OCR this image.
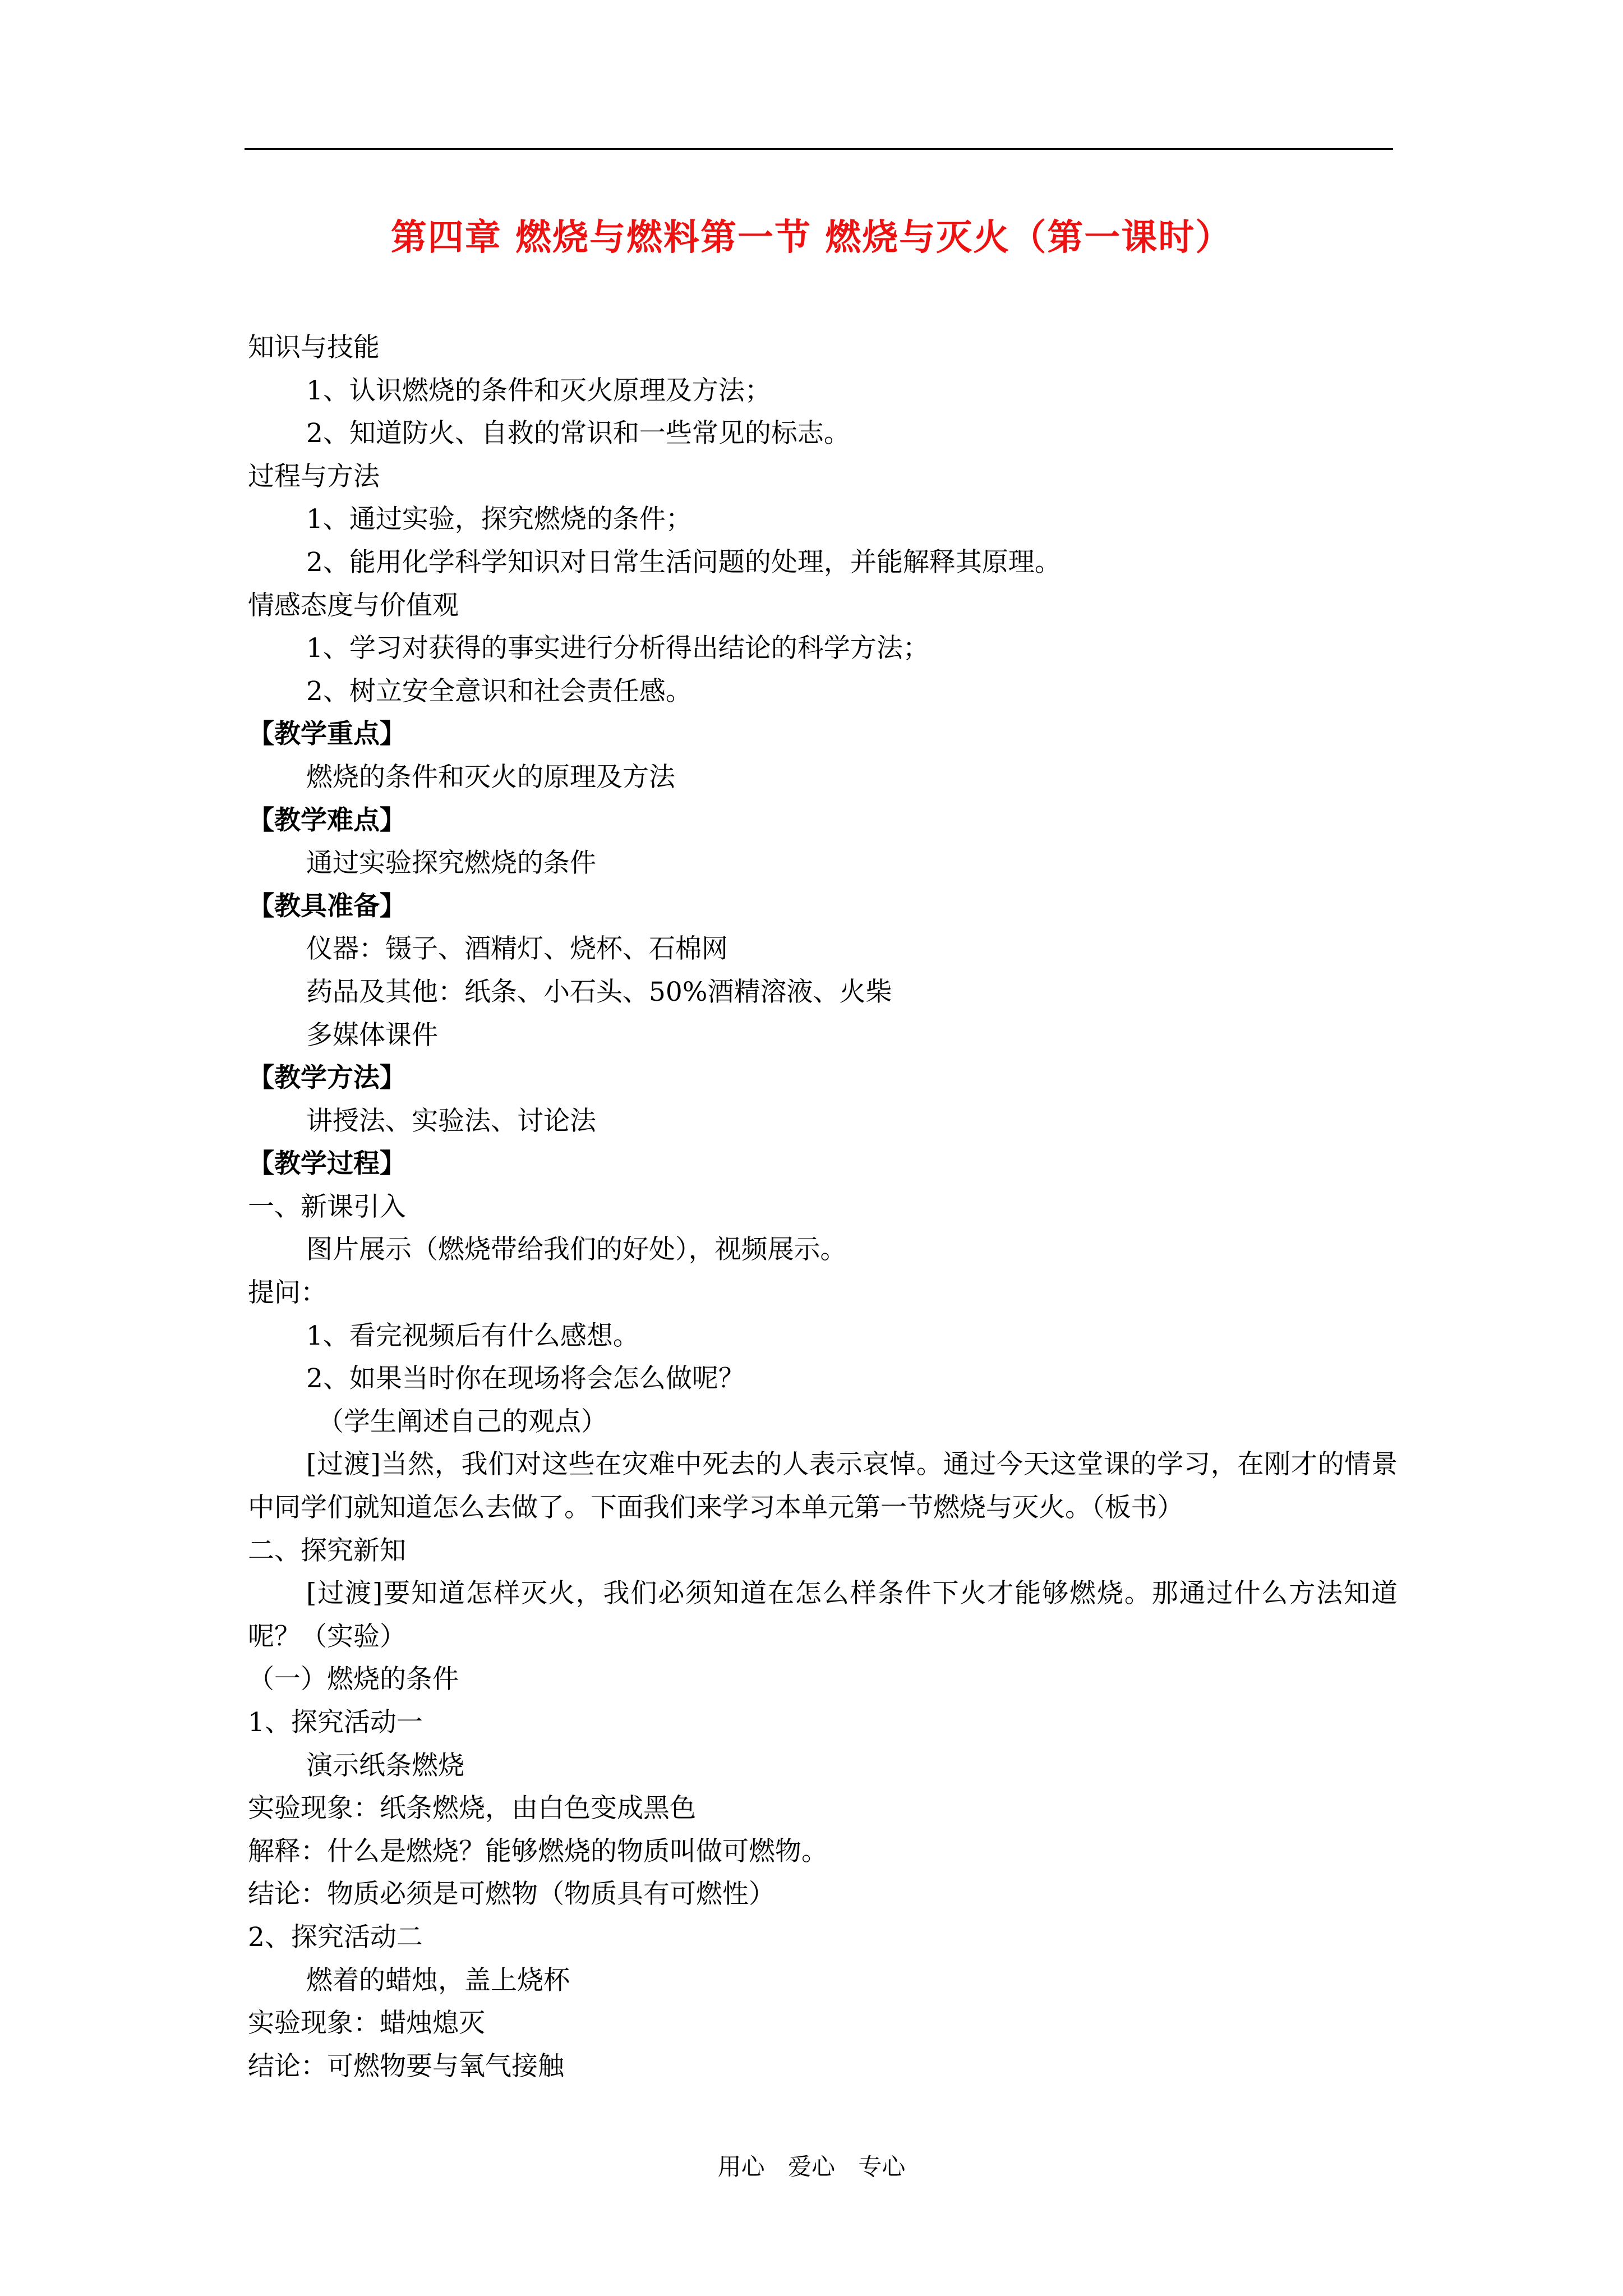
第四章 燃烧与燃料第一节 燃烧与灭火（第一课时）
知识与技能
1、认识燃烧的条件和灭火原理及方法；
2、知道防火、自救的常识和一些常见的标志。
过程与方法
1、通过实验，探究燃烧的条件；
2、能用化学科学知识对日常生活问题的处理，并能解释其原理。
情感态度与价值观
1、学习对获得的事实进行分析得出结论的科学方法；
2、树立安全意识和社会责任感。
【教学重点】
燃烧的条件和灭火的原理及方法
【教学难点】
通过实验探究燃烧的条件
【教具准备】
仪器：镊子、酒精灯、烧杯、石棉网
药品及其他：纸条、小石头、50%酒精溶液、火柴
多媒体课件
【教学方法】
讲授法、实验法、讨论法
【教学过程】
一、新课引入
图片展示（燃烧带给我们的好处），视频展示。
提问：
1、看完视频后有什么感想。
2、如果当时你在现场将会怎么做呢？
（学生阐述自己的观点）
[过渡]当然，我们对这些在灾难中死去的人表示哀悼。通过今天这堂课的学习，在刚才的情景中同学们就知道怎么去做了。下面我们来学习本单元第一节燃烧与灭火。（板书）
二、探究新知
[过渡]要知道怎样灭火，我们必须知道在怎么样条件下火才能够燃烧。那通过什么方法知道呢？（实验）
（一）燃烧的条件
1、探究活动一
演示纸条燃烧
实验现象：纸条燃烧，由白色变成黑色
解释：什么是燃烧？能够燃烧的物质叫做可燃物。
结论：物质必须是可燃物（物质具有可燃性）
2、探究活动二
燃着的蜡烛，盖上烧杯
实验现象：蜡烛熄灭
结论：可燃物要与氧气接触
用心 爱心 专心
